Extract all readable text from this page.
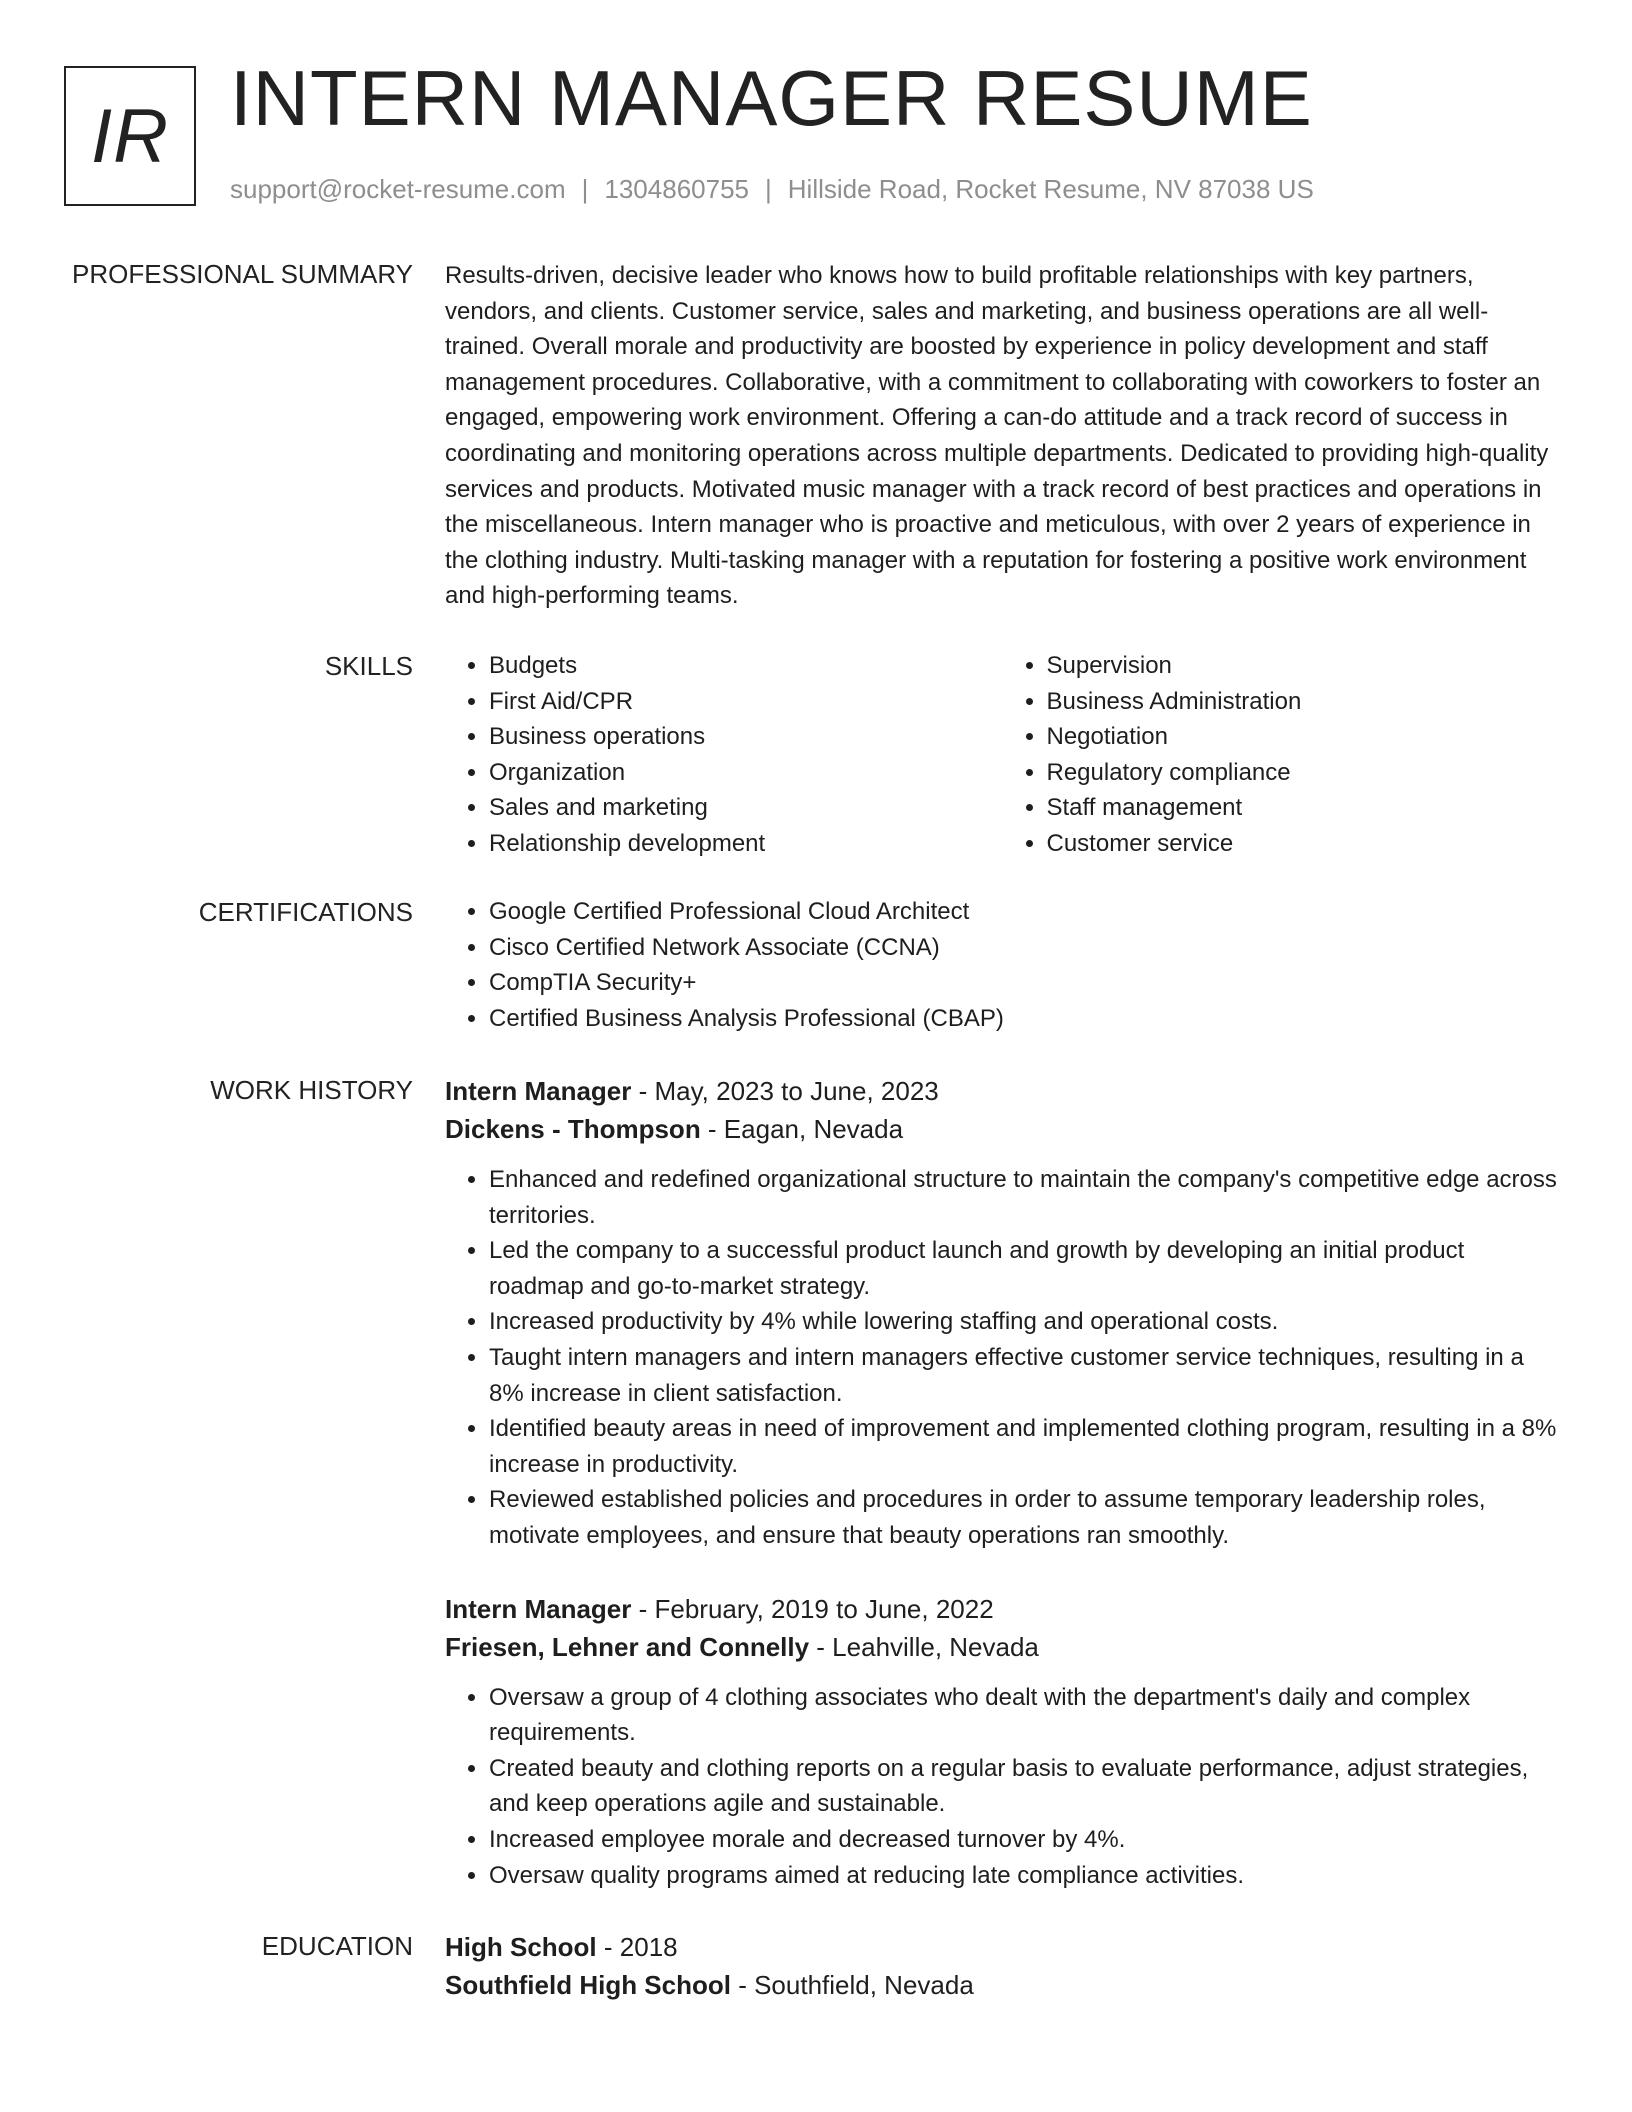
IR INTERN MANAGER RESUME
support@rocket-resume.com | 1304860755 | Hillside Road, Rocket Resume, NV 87038 US
PROFESSIONAL SUMMARY Results-driven, decisive leader who knows how to build profitable relationships with key partners, vendors, and clients. Customer service, sales and marketing, and business operations are all well-trained. Overall morale and productivity are boosted by experience in policy development and staff management procedures. Collaborative, with a commitment to collaborating with coworkers to foster an engaged, empowering work environment. Offering a can-do attitude and a track record of success in coordinating and monitoring operations across multiple departments. Dedicated to providing high-quality services and products. Motivated music manager with a track record of best practices and operations in the miscellaneous. Intern manager who is proactive and meticulous, with over 2 years of experience in the clothing industry. Multi-tasking manager with a reputation for fostering a positive work environment and high-performing teams.

SKILLS	• Budgets
• First Aid/CPR
• Business operations
• Organization
• Sales and marketing
• Relationship development
• Supervision
• Business Administration
• Negotiation
• Regulatory compliance
• Staff management
• Customer service
CERTIFICATIONS	• Google Certified Professional Cloud Architect
• Cisco Certified Network Associate (CCNA)
• CompTIA Security+
• Certified Business Analysis Professional (CBAP)
WORK HISTORY Intern Manager - May, 2023 to June, 2023
Dickens - Thompson - Eagan, Nevada
• Enhanced and redefined organizational structure to maintain the company's competitive edge across territories.
• Led the company to a successful product launch and growth by developing an initial product roadmap and go-to-market strategy.
• Increased productivity by 4% while lowering staffing and operational costs.
• Taught intern managers and intern managers effective customer service techniques, resulting in a 8% increase in client satisfaction.
• Identified beauty areas in need of improvement and implemented clothing program, resulting in a 8% increase in productivity.
• Reviewed established policies and procedures in order to assume temporary leadership roles, motivate employees, and ensure that beauty operations ran smoothly.
Intern Manager - February, 2019 to June, 2022
Friesen, Lehner and Connelly - Leahville, Nevada
• Oversaw a group of 4 clothing associates who dealt with the department's daily and complex requirements.
• Created beauty and clothing reports on a regular basis to evaluate performance, adjust strategies, and keep operations agile and sustainable.
• Increased employee morale and decreased turnover by 4%.
• Oversaw quality programs aimed at reducing late compliance activities.
EDUCATION High School - 2018
Southfield High School - Southfield, Nevada
